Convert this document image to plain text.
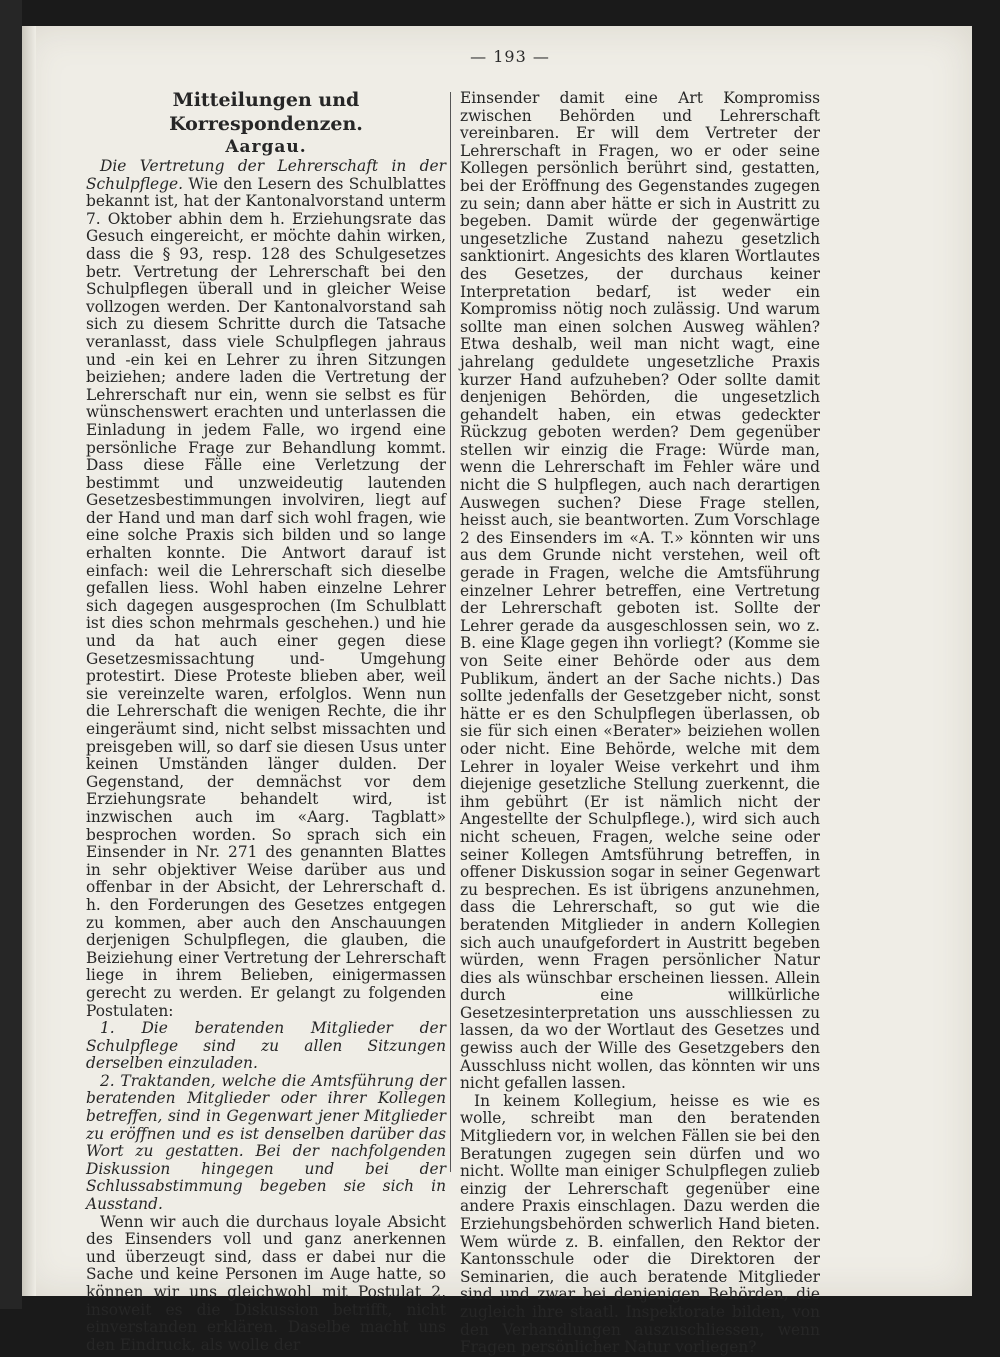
— 193 —

Mitteilungen und Korrespondenzen.

Aargau.

Die Vertretung der Lehrerschaft in der Schulpflege. Wie den Lesern des Schulblattes bekannt ist, hat der Kantonalvorstand unterm 7. Oktober abhin dem h. Erziehungsrate das Gesuch eingereicht, er möchte dahin wirken, dass die § 93, resp. 128 des Schulgesetzes betr. Vertretung der Lehrerschaft bei den Schulpflegen überall und in gleicher Weise vollzogen werden. Der Kantonalvorstand sah sich zu diesem Schritte durch die Tatsache veranlasst, dass viele Schulpflegen jahraus und -ein kei en Lehrer zu ihren Sitzungen beiziehen; andere laden die Vertretung der Lehrerschaft nur ein, wenn sie selbst es für wünschenswert erachten und unterlassen die Einladung in jedem Falle, wo irgend eine persönliche Frage zur Behandlung kommt. Dass diese Fälle eine Verletzung der bestimmt und unzweideutig lautenden Gesetzesbestimmungen involviren, liegt auf der Hand und man darf sich wohl fragen, wie eine solche Praxis sich bilden und so lange erhalten konnte. Die Antwort darauf ist einfach: weil die Lehrerschaft sich dieselbe gefallen liess. Wohl haben einzelne Lehrer sich dagegen ausgesprochen (Im Schulblatt ist dies schon mehrmals geschehen.) und hie und da hat auch einer gegen diese Gesetzesmissachtung und- Umgehung protestirt. Diese Proteste blieben aber, weil sie vereinzelte waren, erfolglos. Wenn nun die Lehrerschaft die wenigen Rechte, die ihr eingeräumt sind, nicht selbst missachten und preisgeben will, so darf sie diesen Usus unter keinen Umständen länger dulden. Der Gegenstand, der demnächst vor dem Erziehungsrate behandelt wird, ist inzwischen auch im «Aarg. Tagblatt» besprochen worden. So sprach sich ein Einsender in Nr. 271 des genannten Blattes in sehr objektiver Weise darüber aus und offenbar in der Absicht, der Lehrerschaft d. h. den Forderungen des Gesetzes entgegen zu kommen, aber auch den Anschauungen derjenigen Schulpflegen, die glauben, die Beiziehung einer Vertretung der Lehrerschaft liege in ihrem Belieben, einigermassen gerecht zu werden. Er gelangt zu folgenden Postulaten:

1. Die beratenden Mitglieder der Schulpflege sind zu allen Sitzungen derselben einzuladen.

2. Traktanden, welche die Amtsführung der beratenden Mitglieder oder ihrer Kollegen betreffen, sind in Gegenwart jener Mitglieder zu eröffnen und es ist denselben darüber das Wort zu gestatten. Bei der nachfolgenden Diskussion hingegen und bei der Schlussabstimmung begeben sie sich in Ausstand.

Wenn wir auch die durchaus loyale Absicht des Einsenders voll und ganz anerkennen und überzeugt sind, dass er dabei nur die Sache und keine Personen im Auge hatte, so können wir uns gleichwohl mit Postulat 2, insoweit es die Diskussion betrifft, nicht einverstanden erklären. Daselbe macht uns den Eindruck, als wolle der

Einsender damit eine Art Kompromiss zwischen Behörden und Lehrerschaft vereinbaren. Er will dem Vertreter der Lehrerschaft in Fragen, wo er oder seine Kollegen persönlich berührt sind, gestatten, bei der Eröffnung des Gegenstandes zugegen zu sein; dann aber hätte er sich in Austritt zu begeben. Damit würde der gegenwärtige ungesetzliche Zustand nahezu gesetzlich sanktionirt. Angesichts des klaren Wortlautes des Gesetzes, der durchaus keiner Interpretation bedarf, ist weder ein Kompromiss nötig noch zulässig. Und warum sollte man einen solchen Ausweg wählen? Etwa deshalb, weil man nicht wagt, eine jahrelang geduldete ungesetzliche Praxis kurzer Hand aufzuheben? Oder sollte damit denjenigen Behörden, die ungesetzlich gehandelt haben, ein etwas gedeckter Rückzug geboten werden? Dem gegenüber stellen wir einzig die Frage: Würde man, wenn die Lehrerschaft im Fehler wäre und nicht die S hulpflegen, auch nach derartigen Auswegen suchen? Diese Frage stellen, heisst auch, sie beantworten. Zum Vorschlage 2 des Einsenders im «A. T.» könnten wir uns aus dem Grunde nicht verstehen, weil oft gerade in Fragen, welche die Amtsführung einzelner Lehrer betreffen, eine Vertretung der Lehrerschaft geboten ist. Sollte der Lehrer gerade da ausgeschlossen sein, wo z. B. eine Klage gegen ihn vorliegt? (Komme sie von Seite einer Behörde oder aus dem Publikum, ändert an der Sache nichts.) Das sollte jedenfalls der Gesetzgeber nicht, sonst hätte er es den Schulpflegen überlassen, ob sie für sich einen «Berater» beiziehen wollen oder nicht. Eine Behörde, welche mit dem Lehrer in loyaler Weise verkehrt und ihm diejenige gesetzliche Stellung zuerkennt, die ihm gebührt (Er ist nämlich nicht der Angestellte der Schulpflege.), wird sich auch nicht scheuen, Fragen, welche seine oder seiner Kollegen Amtsführung betreffen, in offener Diskussion sogar in seiner Gegenwart zu besprechen. Es ist übrigens anzunehmen, dass die Lehrerschaft, so gut wie die beratenden Mitglieder in andern Kollegien sich auch unaufgefordert in Austritt begeben würden, wenn Fragen persönlicher Natur dies als wünschbar erscheinen liessen. Allein durch eine willkürliche Gesetzesinterpretation uns ausschliessen zu lassen, da wo der Wortlaut des Gesetzes und gewiss auch der Wille des Gesetzgebers den Ausschluss nicht wollen, das könnten wir uns nicht gefallen lassen.

In keinem Kollegium, heisse es wie es wolle, schreibt man den beratenden Mitgliedern vor, in welchen Fällen sie bei den Beratungen zugegen sein dürfen und wo nicht. Wollte man einiger Schulpflegen zulieb einzig der Lehrerschaft gegenüber eine andere Praxis einschlagen. Dazu werden die Erziehungsbehörden schwerlich Hand bieten. Wem würde z. B. einfallen, den Rektor der Kantonsschule oder die Direktoren der Seminarien, die auch beratende Mitglieder sind und zwar bei denjenigen Behörden, die zugleich ihre staatl. Inspektorate bilden, von den Verhandlungen auszuschliessen, wenn Fragen persönlicher Natur vorliegen?
